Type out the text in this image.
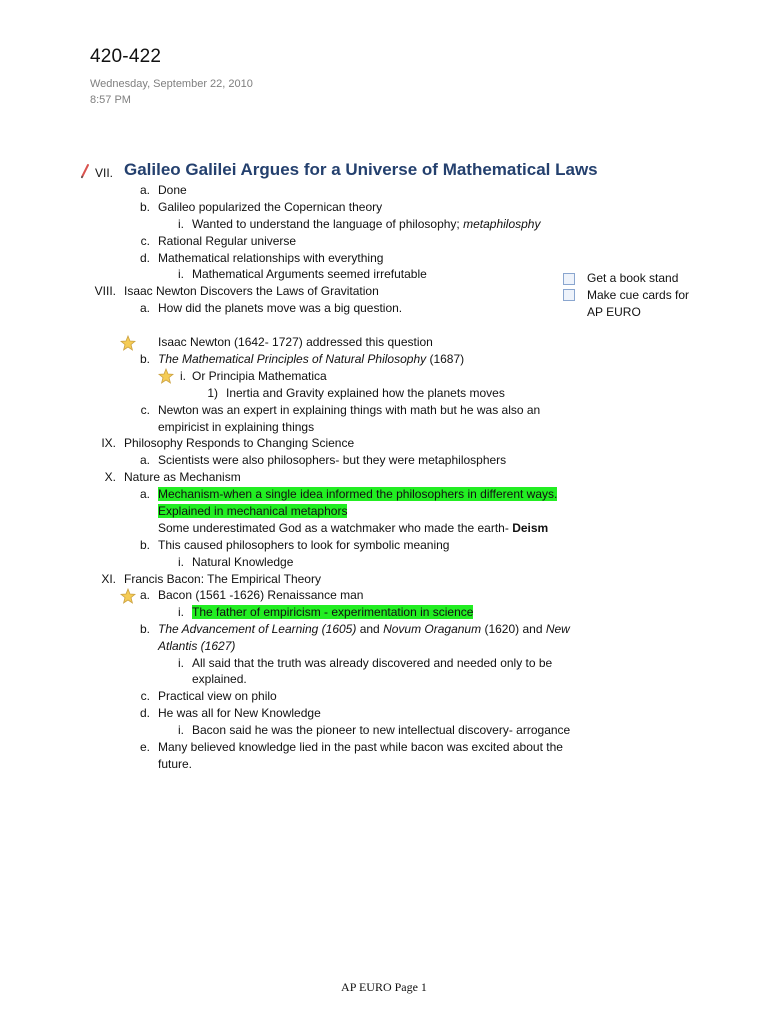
420-422
Wednesday, September 22, 2010
8:57 PM
VII. Galileo Galilei Argues for a Universe of Mathematical Laws
a. Done
b. Galileo popularized the Copernican theory
i. Wanted to understand the language of philosophy; metaphilosphy
c. Rational Regular universe
d. Mathematical relationships with everything
i. Mathematical Arguments seemed irrefutable
VIII. Isaac Newton Discovers the Laws of Gravitation
a. How did the planets move was a big question.
Isaac Newton (1642- 1727) addressed this question
b. The Mathematical Principles of Natural Philosophy (1687)
i. Or Principia Mathematica
1) Inertia and Gravity explained how the planets moves
c. Newton was an expert in explaining things with math but he was also an
empiricist in explaining things
IX. Philosophy Responds to Changing Science
a. Scientists were also philosophers- but they were metaphilosphers
X. Nature as Mechanism
a. Mechanism-when a single idea informed the philosophers in different ways.
Explained in mechanical metaphors
Some underestimated God as a watchmaker who made the earth- Deism
b. This caused philosophers to look for symbolic meaning
i. Natural Knowledge
XI. Francis Bacon: The Empirical Theory
a. Bacon (1561 -1626) Renaissance man
i. The father of empiricism - experimentation in science
b. The Advancement of Learning (1605) and Novum Oraganum (1620) and New
Atlantis (1627)
i. All said that the truth was already discovered and needed only to be
explained.
c. Practical view on philo
d. He was all for New Knowledge
i. Bacon said he was the pioneer to new intellectual discovery- arrogance
e. Many believed knowledge lied in the past while bacon was excited about the
future.
Get a book stand
Make cue cards for
AP EURO
AP EURO Page 1
